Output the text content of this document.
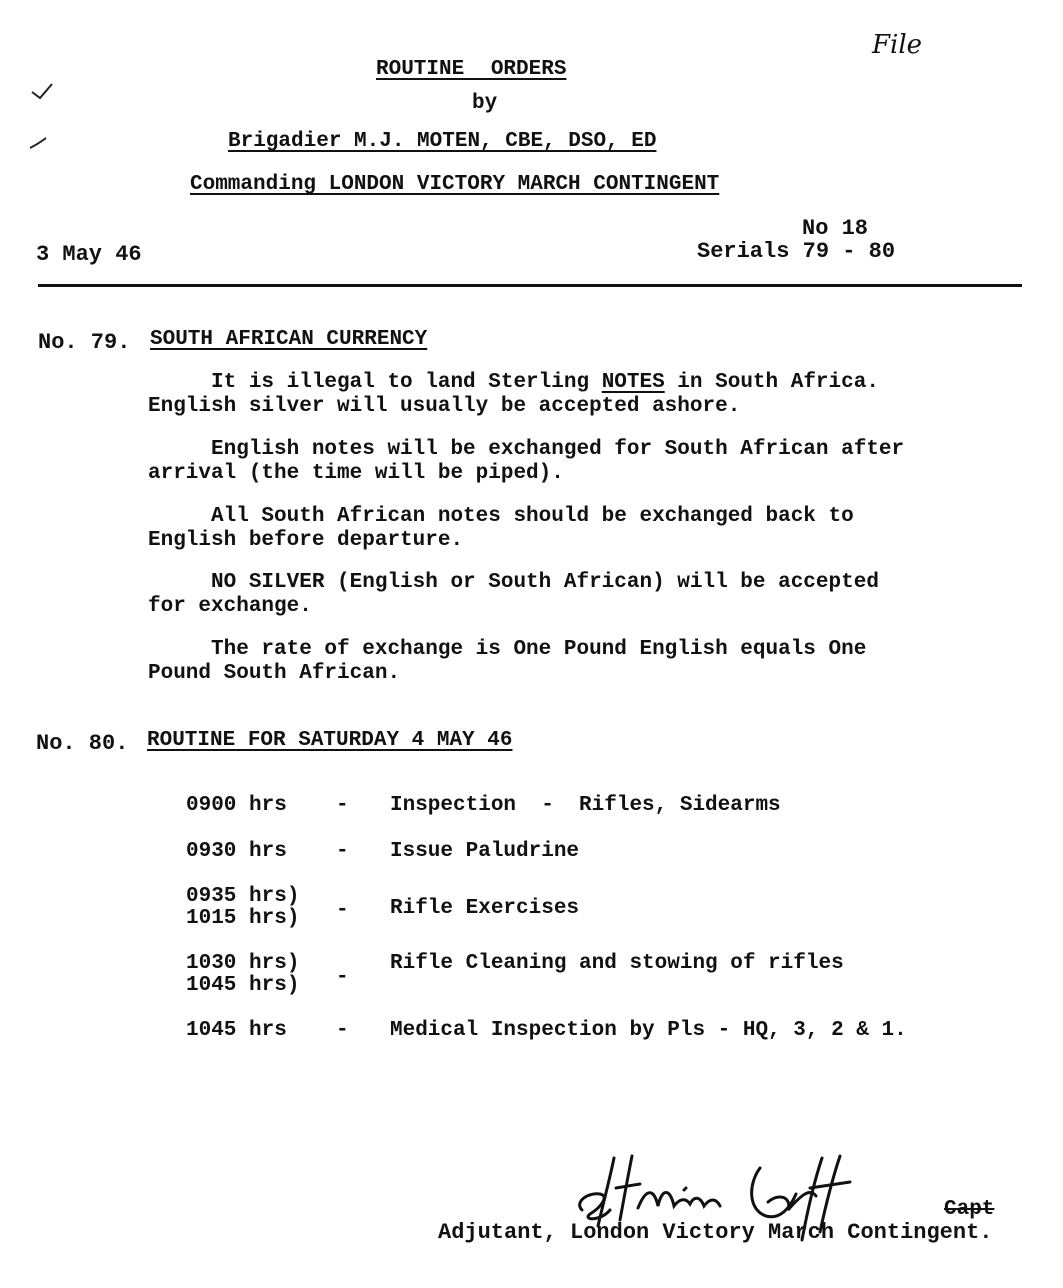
File
ROUTINE ORDERS
by
Brigadier M.J. MOTEN, CBE, DSO, ED
Commanding LONDON VICTORY MARCH CONTINGENT
No 18
3 May 46	Serials 79 - 80
No. 79. SOUTH AFRICAN CURRENCY
It is illegal to land Sterling NOTES in South Africa.
English silver will usually be accepted ashore.
English notes will be exchanged for South African after
arrival (the time will be piped).
All South African notes should be exchanged back to
English before departure.
NO SILVER (English or South African) will be accepted
for exchange.
The rate of exchange is One Pound English equals One
Pound South African.
No. 80. ROUTINE FOR SATURDAY 4 MAY 46
0900 hrs - Inspection  -  Rifles, Sidearms
0930 hrs - Issue Paludrine
0935 hrs)
1015 hrs) - Rifle Exercises
1030 hrs)
1045 hrs) -
Rifle Cleaning and stowing of rifles
1045 hrs - Medical Inspection by Pls - HQ, 3, 2 & 1.
Capt
Adjutant, London Victory March Contingent.
